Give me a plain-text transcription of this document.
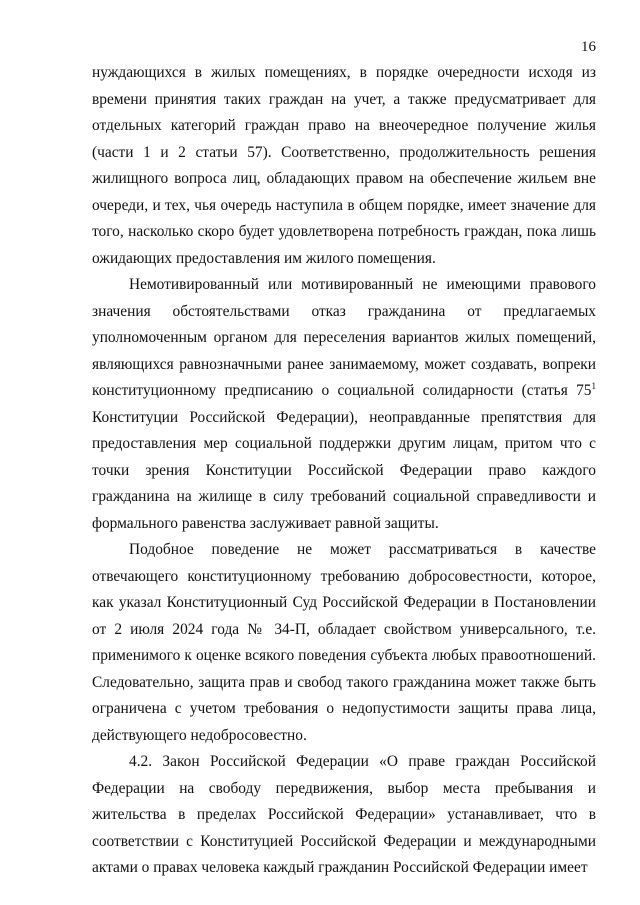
16

нуждающихся в жилых помещениях, в порядке очередности исходя из времени принятия таких граждан на учет, а также предусматривает для отдельных категорий граждан право на внеочередное получение жилья (части 1 и 2 статьи 57). Соответственно, продолжительность решения жилищного вопроса лиц, обладающих правом на обеспечение жильем вне очереди, и тех, чья очередь наступила в общем порядке, имеет значение для того, насколько скоро будет удовлетворена потребность граждан, пока лишь ожидающих предоставления им жилого помещения.

Немотивированный или мотивированный не имеющими правового значения обстоятельствами отказ гражданина от предлагаемых уполномоченным органом для переселения вариантов жилых помещений, являющихся равнозначными ранее занимаемому, может создавать, вопреки конституционному предписанию о социальной солидарности (статья $75^1$ Конституции Российской Федерации), неоправданные препятствия для предоставления мер социальной поддержки другим лицам, притом что с точки зрения Конституции Российской Федерации право каждого гражданина на жилище в силу требований социальной справедливости и формального равенства заслуживает равной защиты.

Подобное поведение не может рассматриваться в качестве отвечающего конституционному требованию добросовестности, которое, как указал Конституционный Суд Российской Федерации в Постановлении от 2 июля 2024 года № 34-П, обладает свойством универсального, т.е. применимого к оценке всякого поведения субъекта любых правоотношений. Следовательно, защита прав и свобод такого гражданина может также быть ограничена с учетом требования о недопустимости защиты права лица, действующего недобросовестно.

4.2. Закон Российской Федерации «О праве граждан Российской Федерации на свободу передвижения, выбор места пребывания и жительства в пределах Российской Федерации» устанавливает, что в соответствии с Конституцией Российской Федерации и международными актами о правах человека каждый гражданин Российской Федерации имеет
